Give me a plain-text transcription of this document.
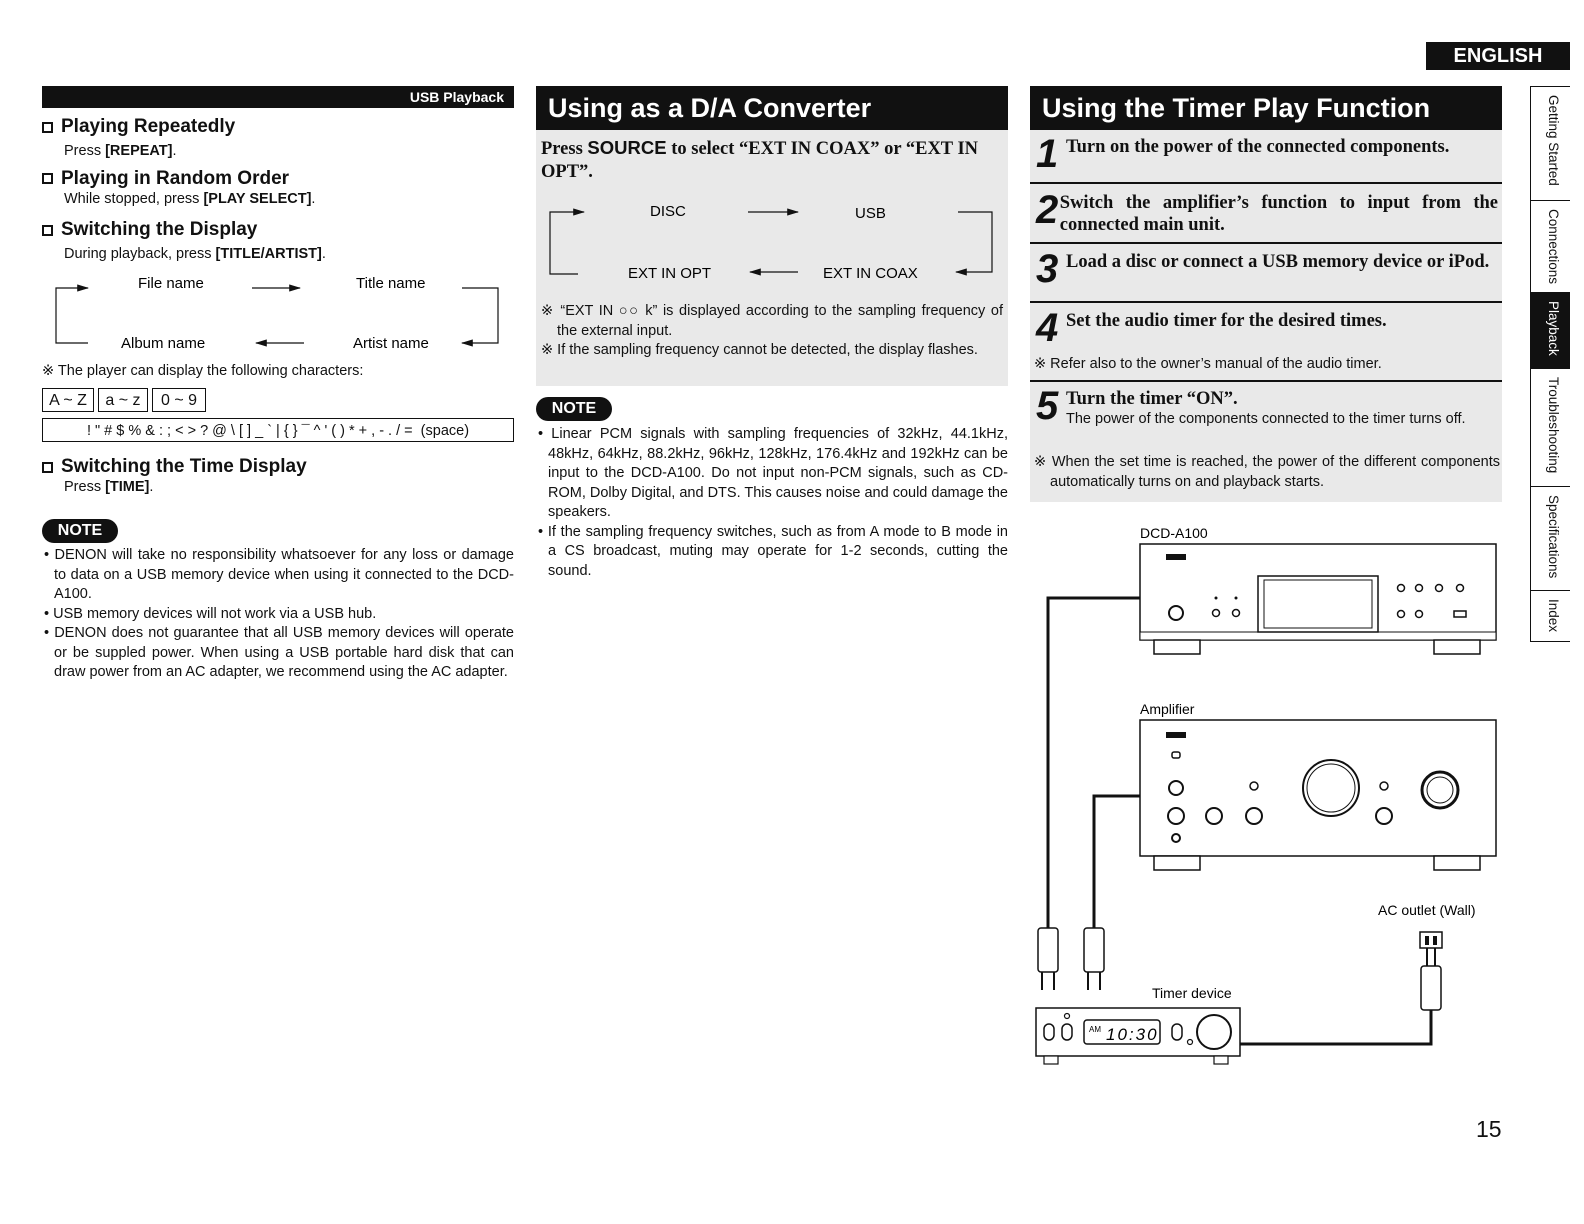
ENGLISH
Getting Started
Connections
Playback
Troubleshooting
Specifications
Index
USB Playback
Playing Repeatedly
Press [REPEAT].
Playing in Random Order
While stopped, press [PLAY SELECT].
Switching the Display
During playback, press [TITLE/ARTIST].
File name	Title name
Artist name
Album name
※ The player can display the following characters:
A ~ Z	a ~ z	0 ~ 9
! " # $ % & : ; < > ? @ \ [ ] _ ` | { } ¯ ^ ' ( ) * + , - . / =  (space)
Switching the Time Display
Press [TIME].
NOTE
• DENON will take no responsibility whatsoever for any loss or damage to data on a USB memory device when using it connected to the DCD-A100.
• USB memory devices will not work via a USB hub.
• DENON does not guarantee that all USB memory devices will operate or be suppled power. When using a USB portable hard disk that can draw power from an AC adapter, we recommend using the AC adapter.
Using as a D/A Converter
Press SOURCE to select “EXT IN COAX” or “EXT IN OPT”.
DISC	USB
EXT IN COAX
EXT IN OPT
※ “EXT IN ○○ k” is displayed according to the sampling frequency of the external input.
※ If the sampling frequency cannot be detected, the display flashes.
NOTE
• Linear PCM signals with sampling frequencies of 32kHz, 44.1kHz, 48kHz, 64kHz, 88.2kHz, 96kHz, 128kHz, 176.4kHz and 192kHz can be input to the DCD-A100. Do not input non-PCM signals, such as CD-ROM, Dolby Digital, and DTS. This causes noise and could damage the speakers.
• If the sampling frequency switches, such as from A mode to B mode in a CS broadcast, muting may operate for 1-2 seconds, cutting the sound.
Using the Timer Play Function
1 Turn on the power of the connected components.
2 Switch the amplifier’s function to input from the connected main unit.
3 Load a disc or connect a USB memory device or iPod.
4 Set the audio timer for the desired times.
※ Refer also to the owner’s manual of the audio timer.
5 Turn the timer “ON”.
The power of the components connected to the timer turns off.
※ When the set time is reached, the power of the different components automatically turns on and playback starts.
DCD-A100
Amplifier
AC outlet (Wall)
Timer device
AM 10:30
15
